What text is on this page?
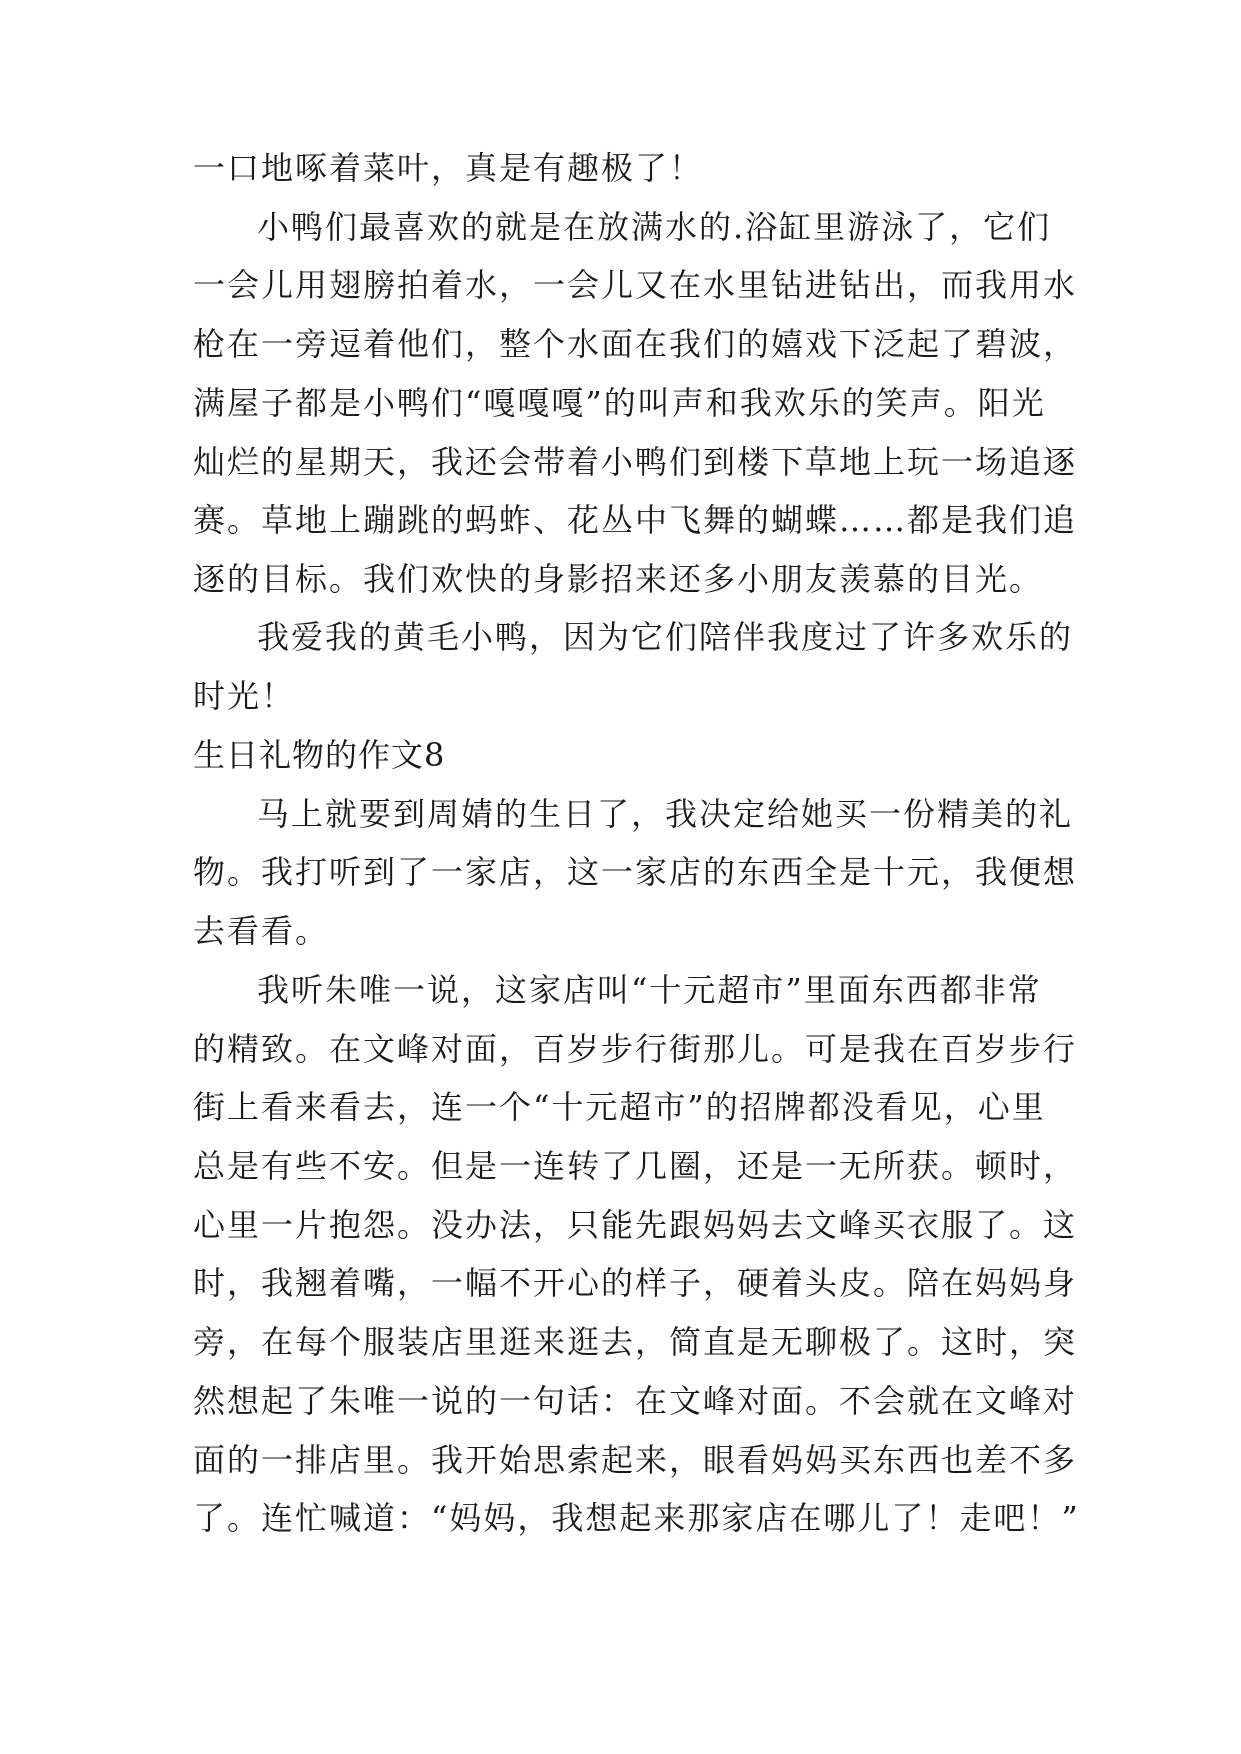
一口地啄着菜叶，真是有趣极了！
小鸭们最喜欢的就是在放满水的.浴缸里游泳了，它们
一会儿用翅膀拍着水，一会儿又在水里钻进钻出，而我用水
枪在一旁逗着他们，整个水面在我们的嬉戏下泛起了碧波，
满屋子都是小鸭们“嘎嘎嘎”的叫声和我欢乐的笑声。阳光
灿烂的星期天，我还会带着小鸭们到楼下草地上玩一场追逐
赛。草地上蹦跳的蚂蚱、花丛中飞舞的蝴蝶……都是我们追
逐的目标。我们欢快的身影招来还多小朋友羡慕的目光。
我爱我的黄毛小鸭，因为它们陪伴我度过了许多欢乐的
时光！
生日礼物的作文8
马上就要到周婧的生日了，我决定给她买一份精美的礼
物。我打听到了一家店，这一家店的东西全是十元，我便想
去看看。
我听朱唯一说，这家店叫“十元超市”里面东西都非常
的精致。在文峰对面，百岁步行街那儿。可是我在百岁步行
街上看来看去，连一个“十元超市”的招牌都没看见，心里
总是有些不安。但是一连转了几圈，还是一无所获。顿时，
心里一片抱怨。没办法，只能先跟妈妈去文峰买衣服了。这
时，我翘着嘴，一幅不开心的样子，硬着头皮。陪在妈妈身
旁，在每个服装店里逛来逛去，简直是无聊极了。这时，突
然想起了朱唯一说的一句话：在文峰对面。不会就在文峰对
面的一排店里。我开始思索起来，眼看妈妈买东西也差不多
了。连忙喊道：“妈妈，我想起来那家店在哪儿了！走吧！”
